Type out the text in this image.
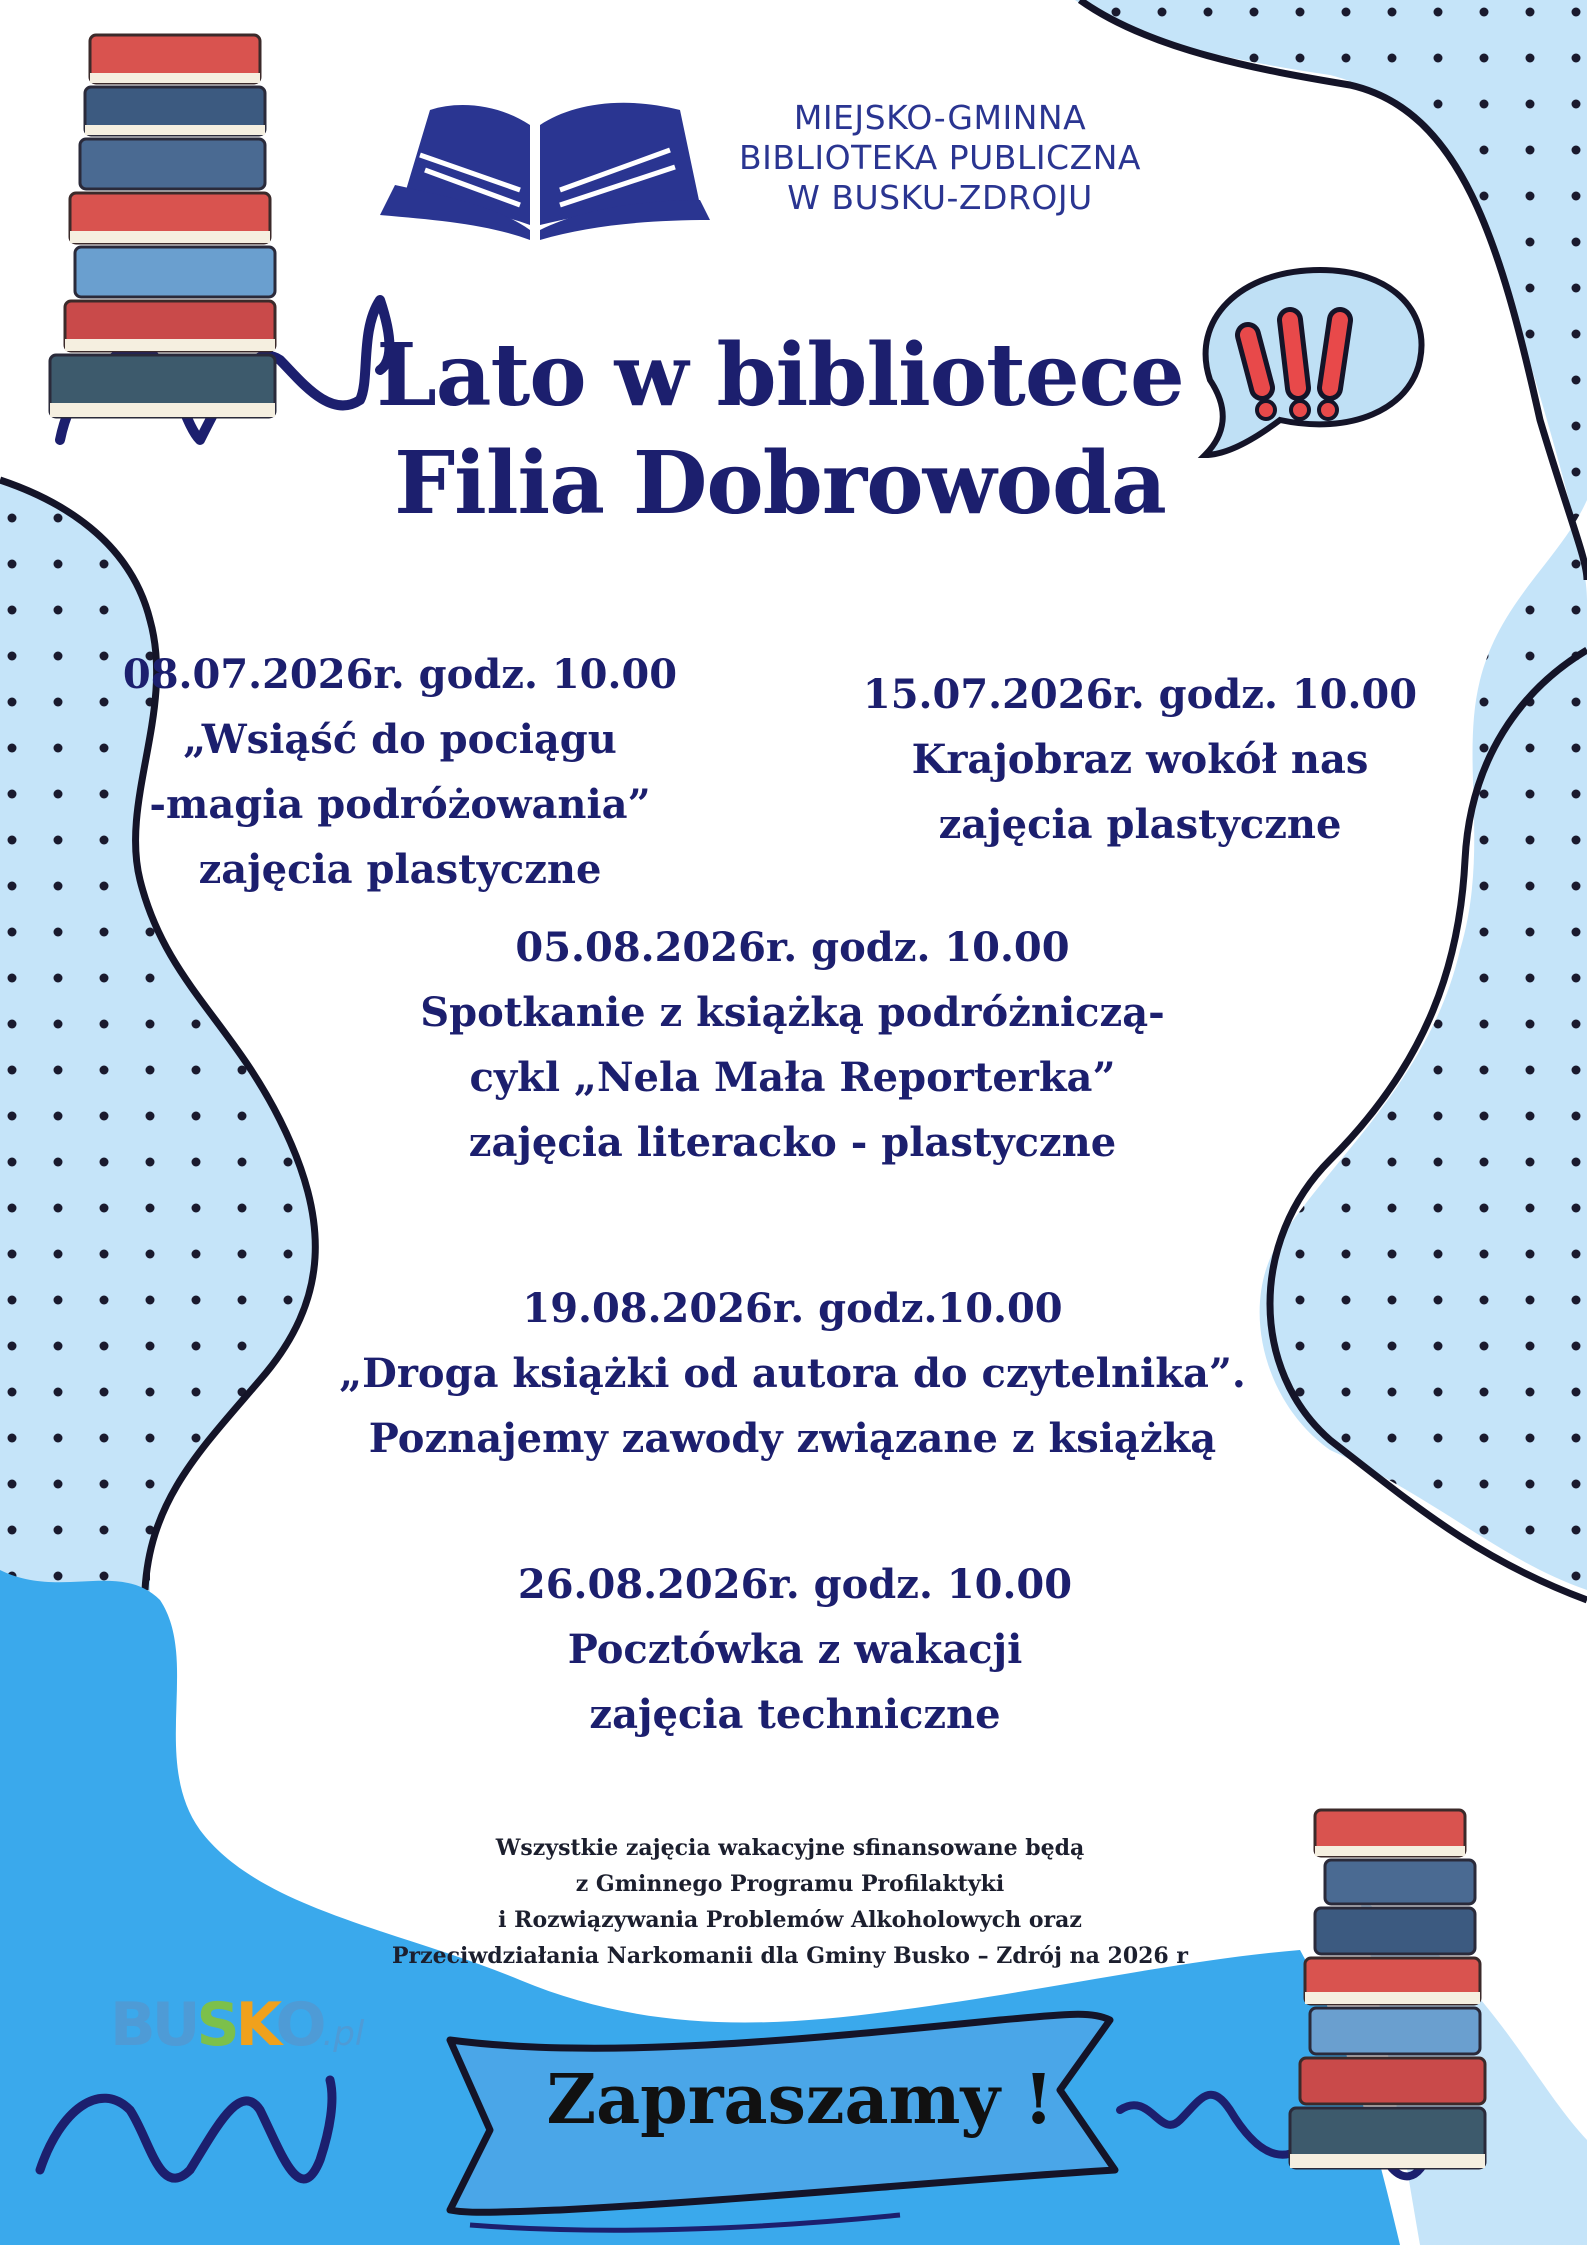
MIEJSKO-GMINNA
BIBLIOTEKA PUBLICZNA
W BUSKU-ZDROJU
Lato w bibliotece
Filia Dobrowoda
08.07.2026r. godz. 10.00
„Wsiąść do pociągu
-magia podróżowania”
zajęcia plastyczne
15.07.2026r. godz. 10.00
Krajobraz wokół nas
zajęcia plastyczne
05.08.2026r. godz. 10.00
Spotkanie z książką podróżniczą-
cykl „Nela Mała Reporterka”
zajęcia literacko - plastyczne
19.08.2026r. godz.10.00
„Droga książki od autora do czytelnika”.
Poznajemy zawody związane z książką
26.08.2026r. godz. 10.00
Pocztówka z wakacji
zajęcia techniczne
Wszystkie zajęcia wakacyjne sfinansowane będą
z Gminnego Programu Profilaktyki
i Rozwiązywania Problemów Alkoholowych oraz
Przeciwdziałania Narkomanii dla Gminy Busko – Zdrój na 2026 r
Zapraszamy !
BUSKO.pl
